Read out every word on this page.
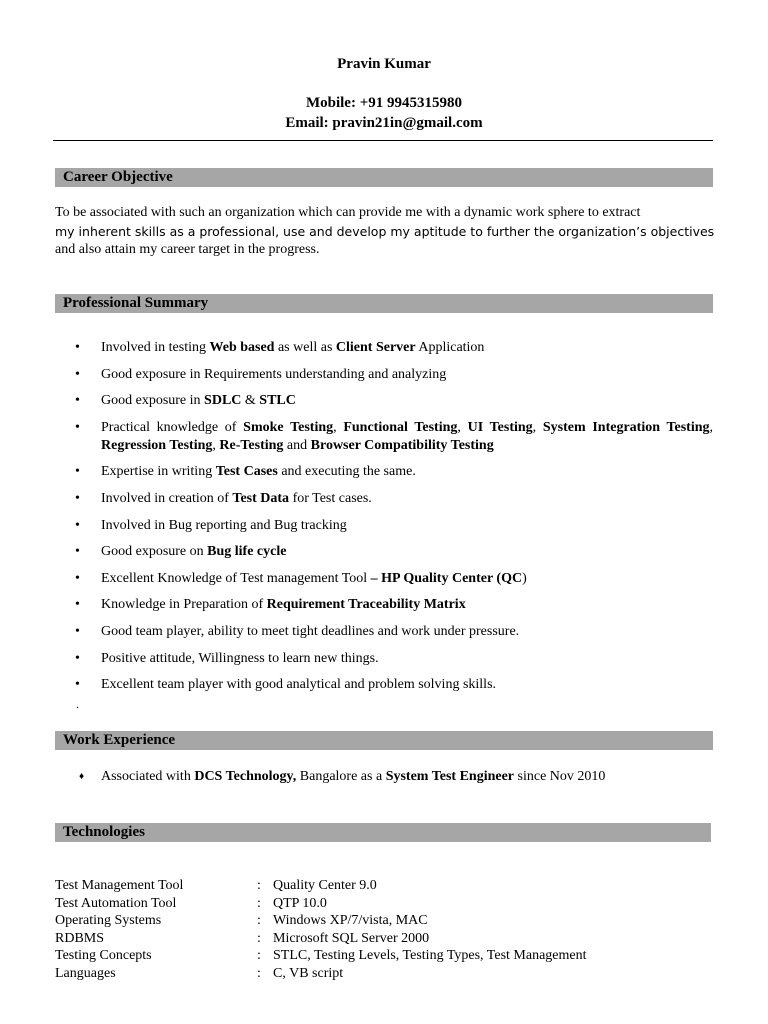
Pravin Kumar
Mobile: +91 9945315980
Email: pravin21in@gmail.com
Career Objective
To be associated with such an organization which can provide me with a dynamic work sphere to extract
my inherent skills as a professional, use and develop my aptitude to further the organization’s objectives
and also attain my career target in the progress.
Professional Summary
• Involved in testing Web based as well as Client Server Application
• Good exposure in Requirements understanding and analyzing
• Good exposure in SDLC & STLC
• Practical knowledge of Smoke Testing, Functional Testing, UI Testing, System Integration Testing, Regression Testing, Re-Testing and Browser Compatibility Testing
• Expertise in writing Test Cases and executing the same.
• Involved in creation of Test Data for Test cases.
• Involved in Bug reporting and Bug tracking
• Good exposure on Bug life cycle
• Excellent Knowledge of Test management Tool – HP Quality Center (QC)
• Knowledge in Preparation of Requirement Traceability Matrix
• Good team player, ability to meet tight deadlines and work under pressure.
• Positive attitude, Willingness to learn new things.
• Excellent team player with good analytical and problem solving skills.
.
Work Experience
♦ Associated with DCS Technology, Bangalore as a System Test Engineer since Nov 2010
Technologies
Test Management Tool	:	Quality Center 9.0
Test Automation Tool	:	QTP 10.0
Operating Systems	:	Windows XP/7/vista, MAC
RDBMS	:	Microsoft SQL Server 2000
Testing Concepts	:	STLC, Testing Levels, Testing Types, Test Management
Languages	:	C, VB script
